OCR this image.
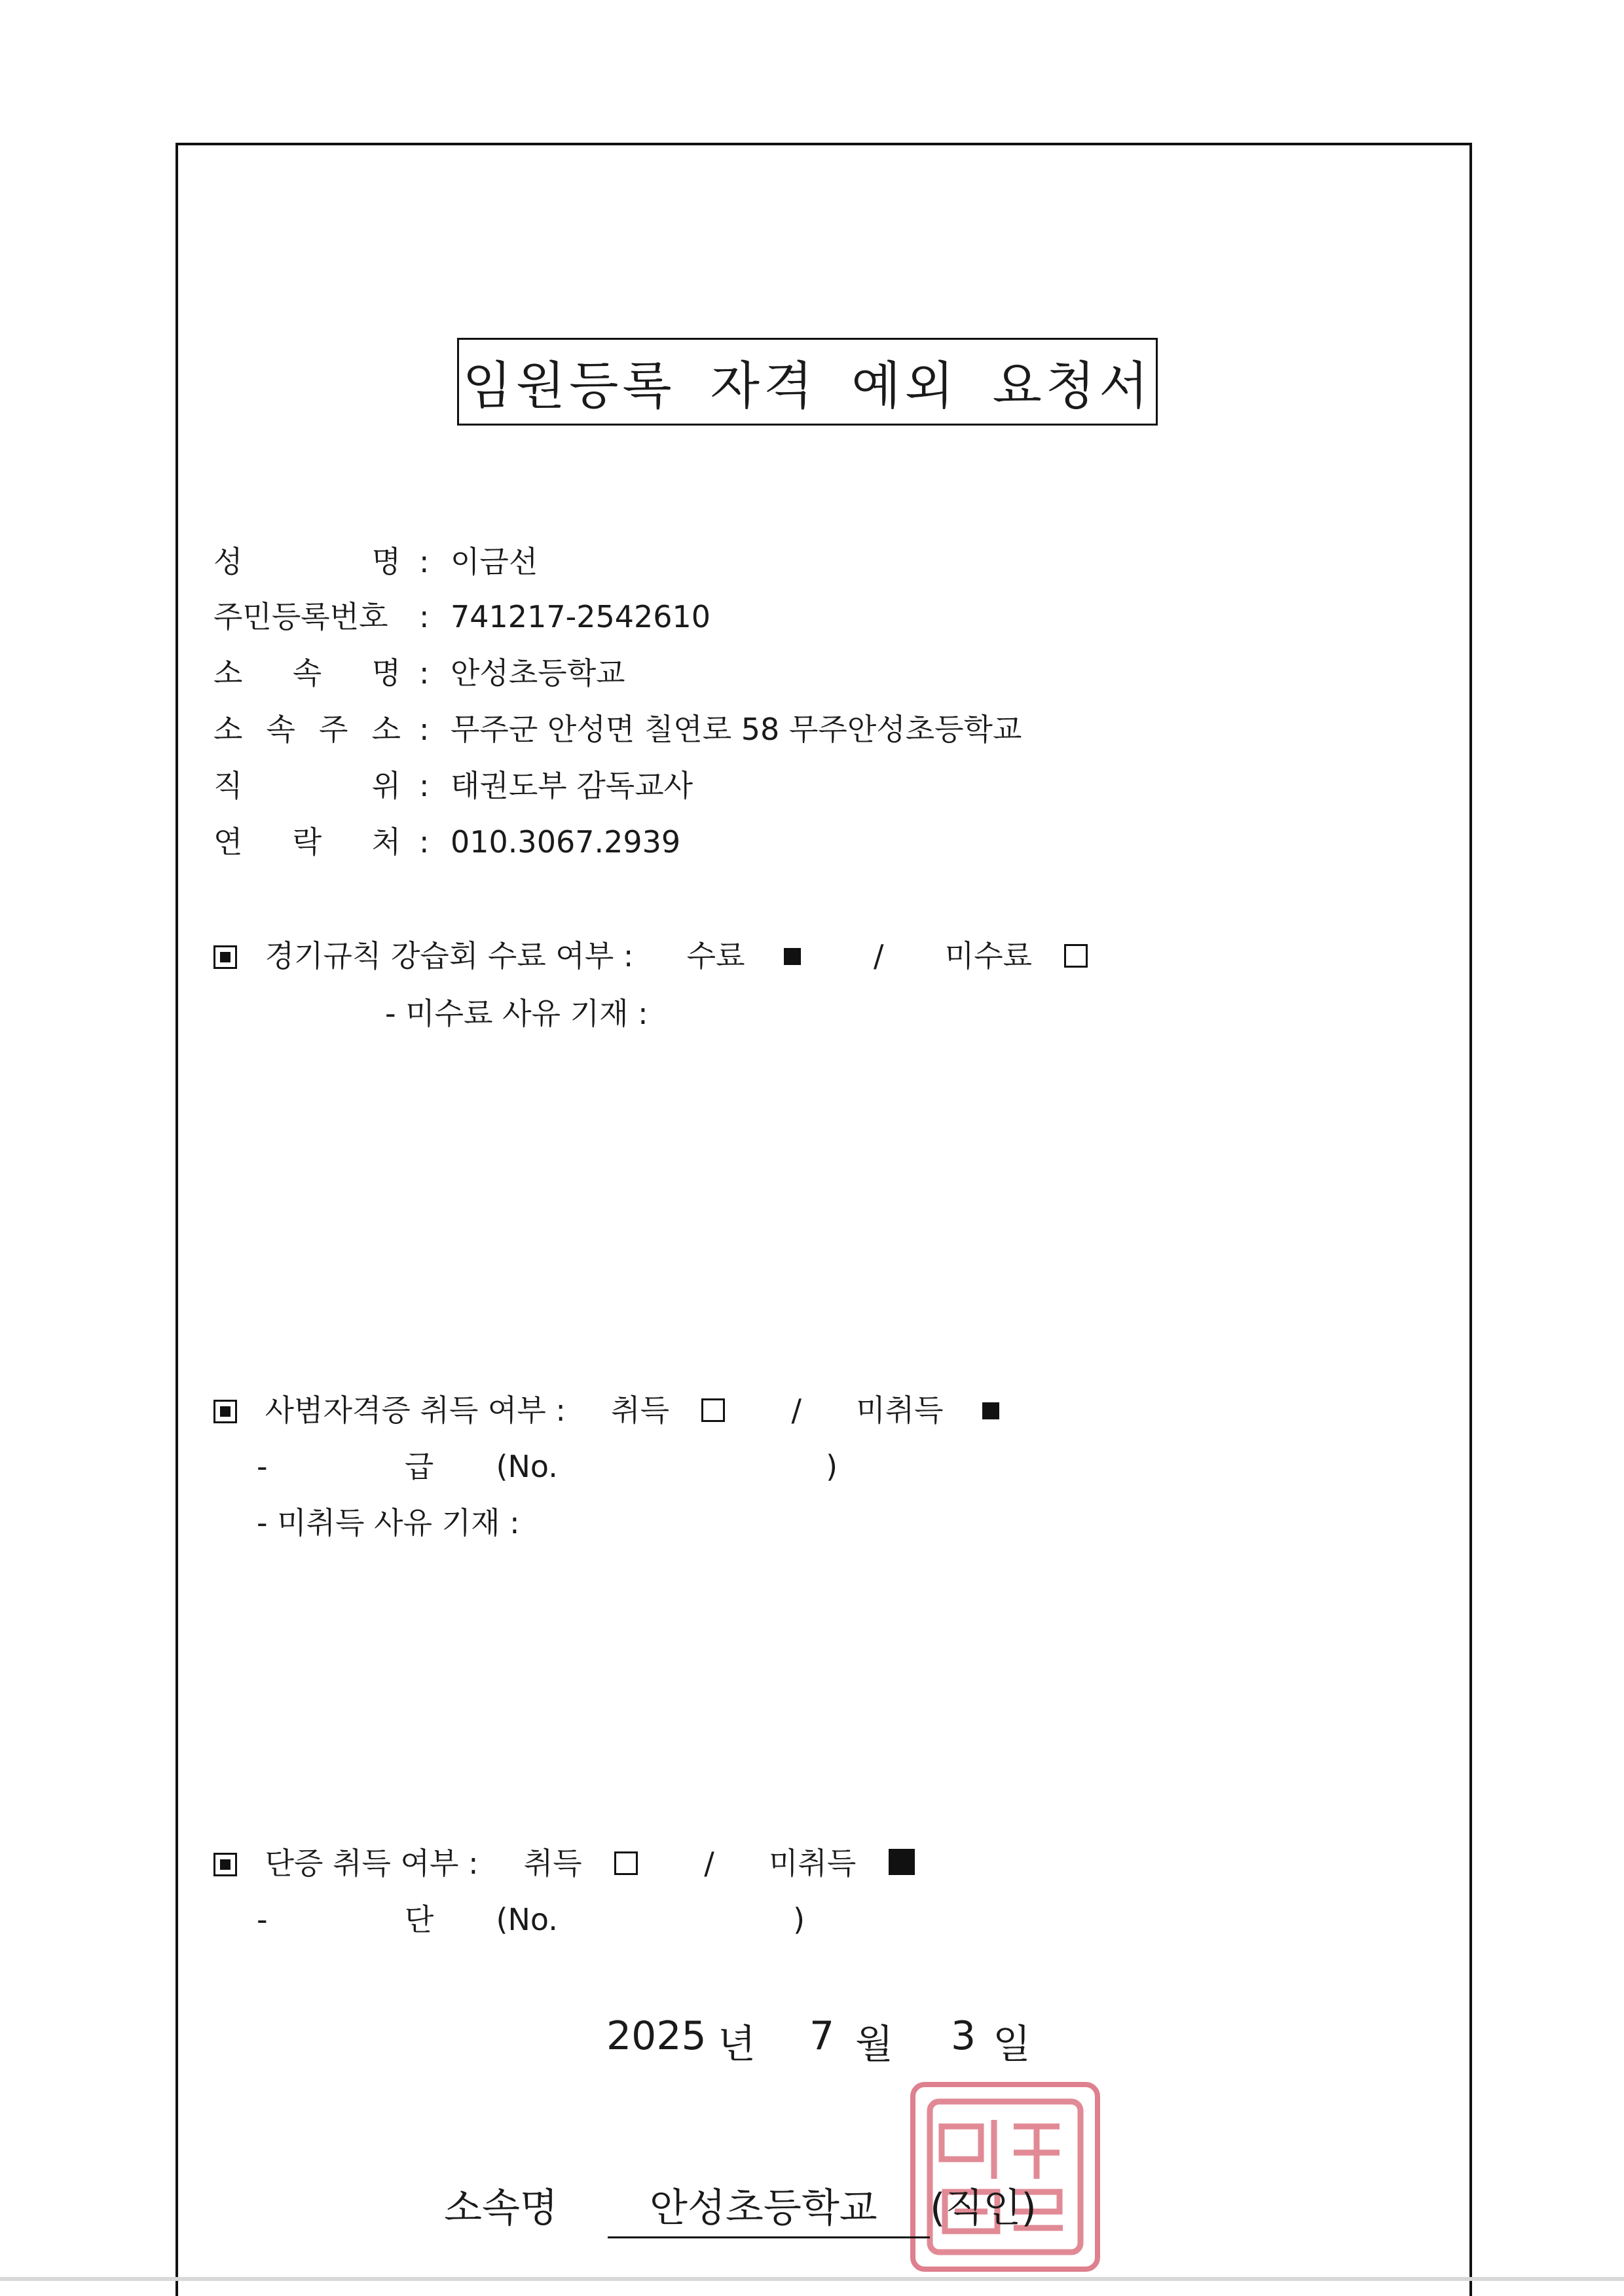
임원등록 자격 예외 요청서
성	명 : 이금선
주민등록번호 : 741217-2542610
소 속 명 : 안성초등학교
소 속 주 소 : 무주군 안성면 칠연로 58 무주안성초등학교
직	위 : 태권도부 감독교사
연 락 처 : 010.3067.2939
경기규칙 강습회 수료 여부 : 수료	/ 미수료
- 미수료 사유 기재 :
사범자격증 취득 여부 : 취득	/ 미취득
-	급 (No.	)
- 미취득 사유 기재 :
단증 취득 여부 : 취득	/ 미취득
-	단 (No.	)
2025 년 7 월 3 일
소속명 안성초등학교 (직인)
